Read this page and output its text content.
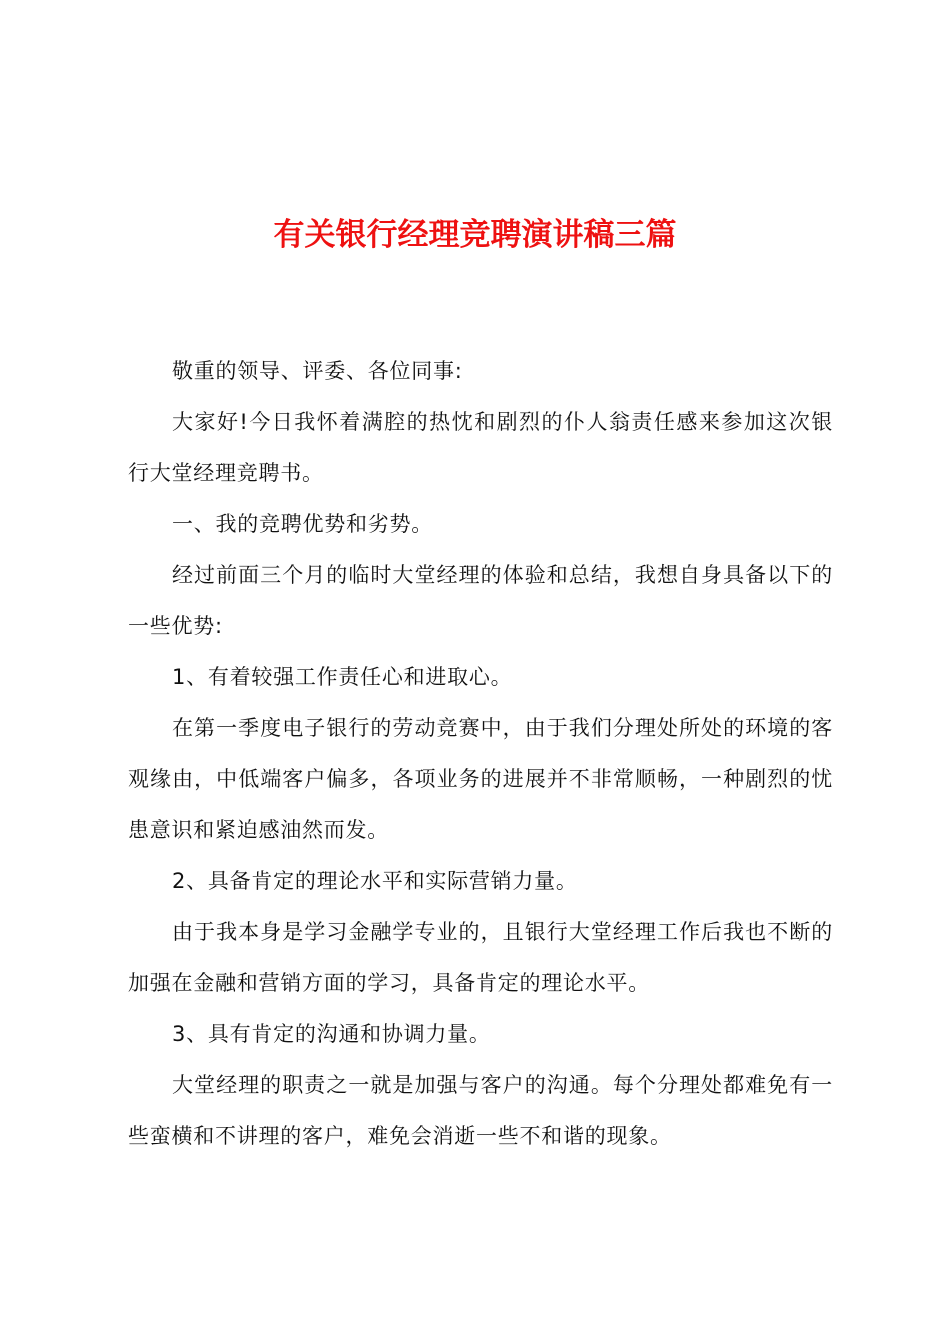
有关银行经理竞聘演讲稿三篇

敬重的领导、评委、各位同事:

大家好!今日我怀着满腔的热忱和剧烈的仆人翁责任感来参加这次银行大堂经理竞聘书。

一、我的竞聘优势和劣势。

经过前面三个月的临时大堂经理的体验和总结，我想自身具备以下的一些优势:

1、有着较强工作责任心和进取心。

在第一季度电子银行的劳动竞赛中，由于我们分理处所处的环境的客观缘由，中低端客户偏多，各项业务的进展并不非常顺畅，一种剧烈的忧患意识和紧迫感油然而发。

2、具备肯定的理论水平和实际营销力量。

由于我本身是学习金融学专业的，且银行大堂经理工作后我也不断的加强在金融和营销方面的学习，具备肯定的理论水平。

3、具有肯定的沟通和协调力量。

大堂经理的职责之一就是加强与客户的沟通。每个分理处都难免有一些蛮横和不讲理的客户，难免会消逝一些不和谐的现象。
